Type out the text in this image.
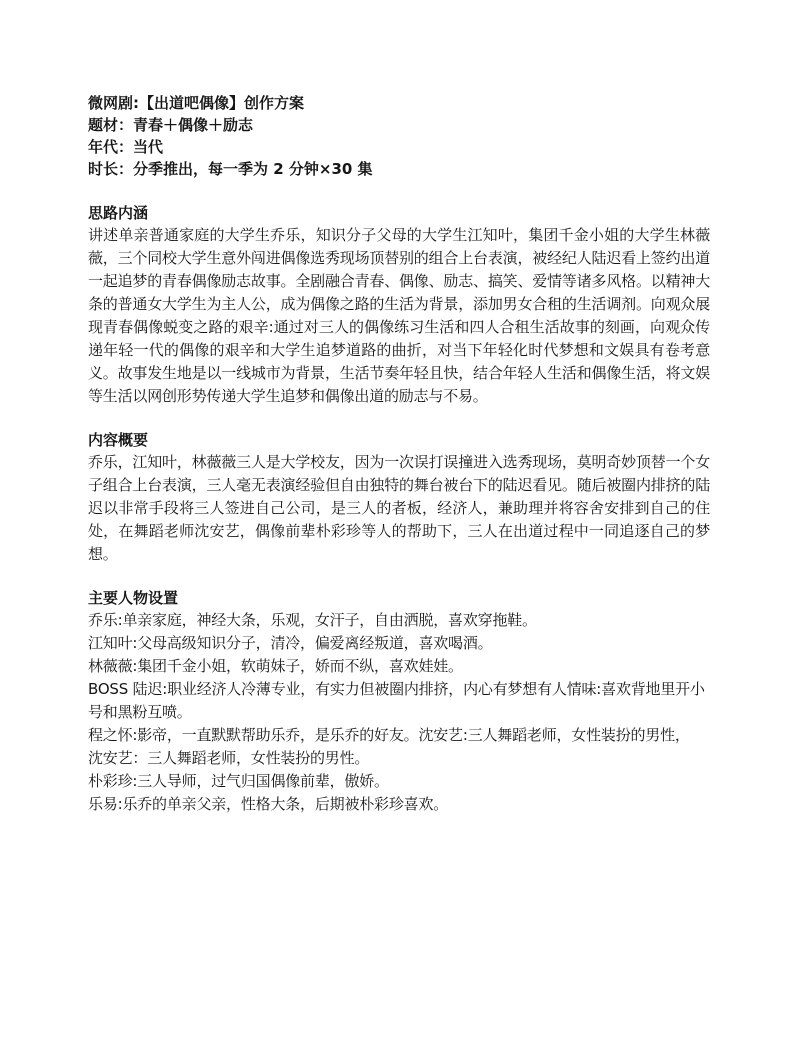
微网剧:【出道吧偶像】创作方案
题材：青春＋偶像＋励志
年代：当代
时长：分季推出，每一季为 2 分钟×30 集
思路内涵

讲述单亲普通家庭的大学生乔乐，知识分子父母的大学生江知叶，集团千金小姐的大学生林薇薇，三个同校大学生意外闯进偶像选秀现场顶替别的组合上台表演，被经纪人陆迟看上签约出道一起追梦的青春偶像励志故事。全剧融合青春、偶像、励志、搞笑、爱情等诸多风格。以精神大条的普通女大学生为主人公，成为偶像之路的生活为背景，添加男女合租的生活调剂。向观众展现青春偶像蜕变之路的艰辛:通过对三人的偶像练习生活和四人合租生活故事的刻画，向观众传递年轻一代的偶像的艰辛和大学生追梦道路的曲折，对当下年轻化时代梦想和文娱具有卷考意义。故事发生地是以一线城市为背景，生活节奏年轻且快，结合年轻人生活和偶像生活，将文娱等生活以网创形势传递大学生追梦和偶像出道的励志与不易。

内容概要

乔乐，江知叶，林薇薇三人是大学校友，因为一次误打误撞进入选秀现场，莫明奇妙顶替一个女子组合上台表演，三人毫无表演经验但自由独特的舞台被台下的陆迟看见。随后被圈内排挤的陆迟以非常手段将三人签进自己公司，是三人的者板，经济人，兼助理并将容舍安排到自己的住处，在舞蹈老师沈安艺，偶像前辈朴彩珍等人的帮助下，三人在出道过程中一同追逐自己的梦想。

主要人物设置

乔乐:单亲家庭，神经大条，乐观，女汗子，自由洒脱，喜欢穿拖鞋。

江知叶:父母高级知识分子，清冷，偏爱离经叛道，喜欢喝酒。

林薇薇:集团千金小姐，软萌妹子，娇而不纵，喜欢娃娃。

BOSS 陆迟:职业经济人冷薄专业，有实力但被圈内排挤，内心有梦想有人情味:喜欢背地里开小号和黑粉互喷。

程之怀:影帝，一直默默帮助乐乔，是乐乔的好友。沈安艺:三人舞蹈老师，女性装扮的男性，

沈安艺：三人舞蹈老师，女性装扮的男性。

朴彩珍:三人导师，过气归国偶像前辈，傲娇。

乐易:乐乔的单亲父亲，性格大条，后期被朴彩珍喜欢。
